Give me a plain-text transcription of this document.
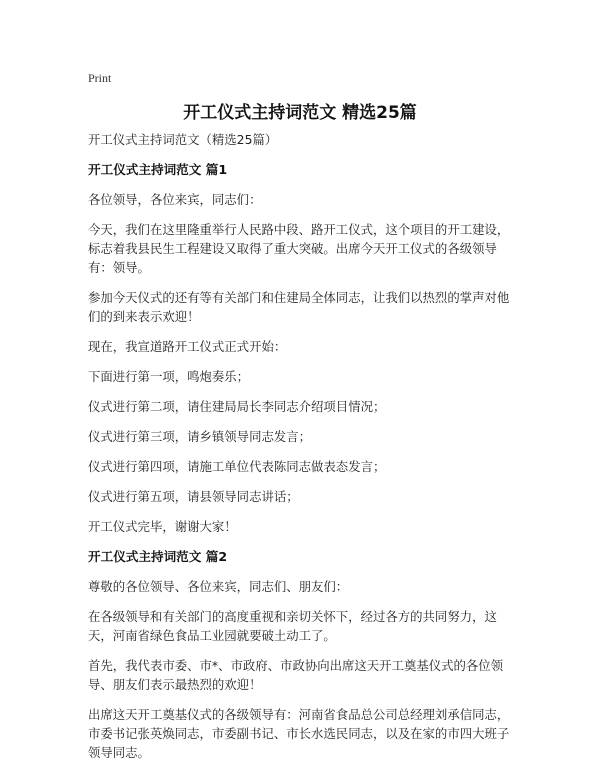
Print
开工仪式主持词范文 精选25篇

开工仪式主持词范文（精选25篇）

开工仪式主持词范文 篇1

各位领导，各位来宾，同志们：

今天，我们在这里隆重举行人民路中段、路开工仪式，这个项目的开工建设，标志着我县民生工程建设又取得了重大突破。出席今天开工仪式的各级领导有：领导。

参加今天仪式的还有等有关部门和住建局全体同志，让我们以热烈的掌声对他们的到来表示欢迎！

现在，我宣道路开工仪式正式开始：

下面进行第一项，鸣炮奏乐；

仪式进行第二项，请住建局局长李同志介绍项目情况；

仪式进行第三项，请乡镇领导同志发言；

仪式进行第四项，请施工单位代表陈同志做表态发言；

仪式进行第五项，请县领导同志讲话；

开工仪式完毕，谢谢大家！

开工仪式主持词范文 篇2

尊敬的各位领导、各位来宾，同志们、朋友们：

在各级领导和有关部门的高度重视和亲切关怀下，经过各方的共同努力，这天，河南省绿色食品工业园就要破土动工了。

首先，我代表市委、市*、市政府、市政协向出席这天开工奠基仪式的各位领导、朋友们表示最热烈的欢迎！

出席这天开工奠基仪式的各级领导有：河南省食品总公司总经理刘承信同志，市委书记张英焕同志，市委副书记、市长水选民同志，以及在家的市四大班子领导同志。
